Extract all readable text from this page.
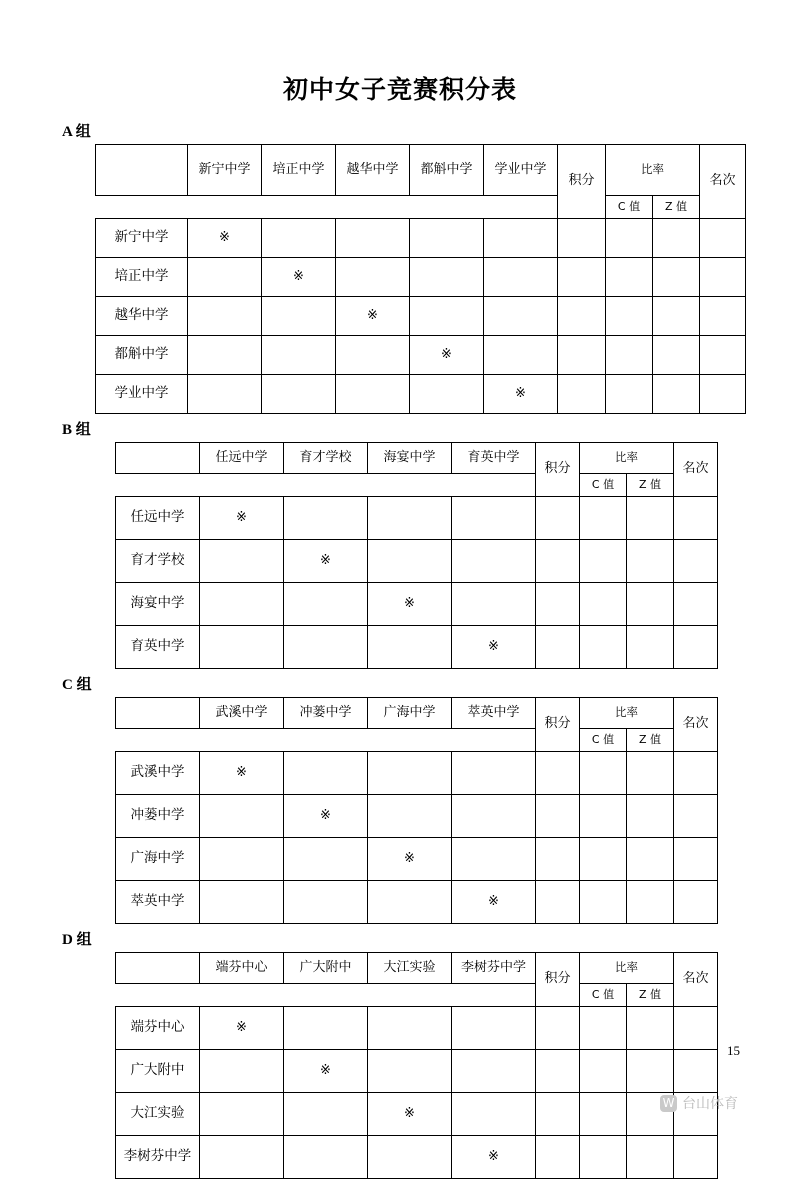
初中女子竞赛积分表
A 组
	新宁中学	培正中学	越华中学	都斛中学	学业中学	积分	比率		名次
							C 值	Z 值	
新宁中学	※								
培正中学		※							
越华中学			※						
都斛中学				※					
学业中学					※				
B 组
	任远中学	育才学校	海宴中学	育英中学	积分	比率		名次
						C 值	Z 值	
任远中学	※							
育才学校		※						
海宴中学			※					
育英中学				※				
C 组
	武溪中学	冲蒌中学	广海中学	萃英中学	积分	比率		名次
						C 值	Z 值	
武溪中学	※							
冲蒌中学		※						
广海中学			※					
萃英中学				※				
D 组
	端芬中心	广大附中	大江实验	李树芬中学	积分	比率		名次
						C 值	Z 值	
端芬中心	※							
广大附中		※						
大江实验			※					
李树芬中学				※				
15
W 台山体育
